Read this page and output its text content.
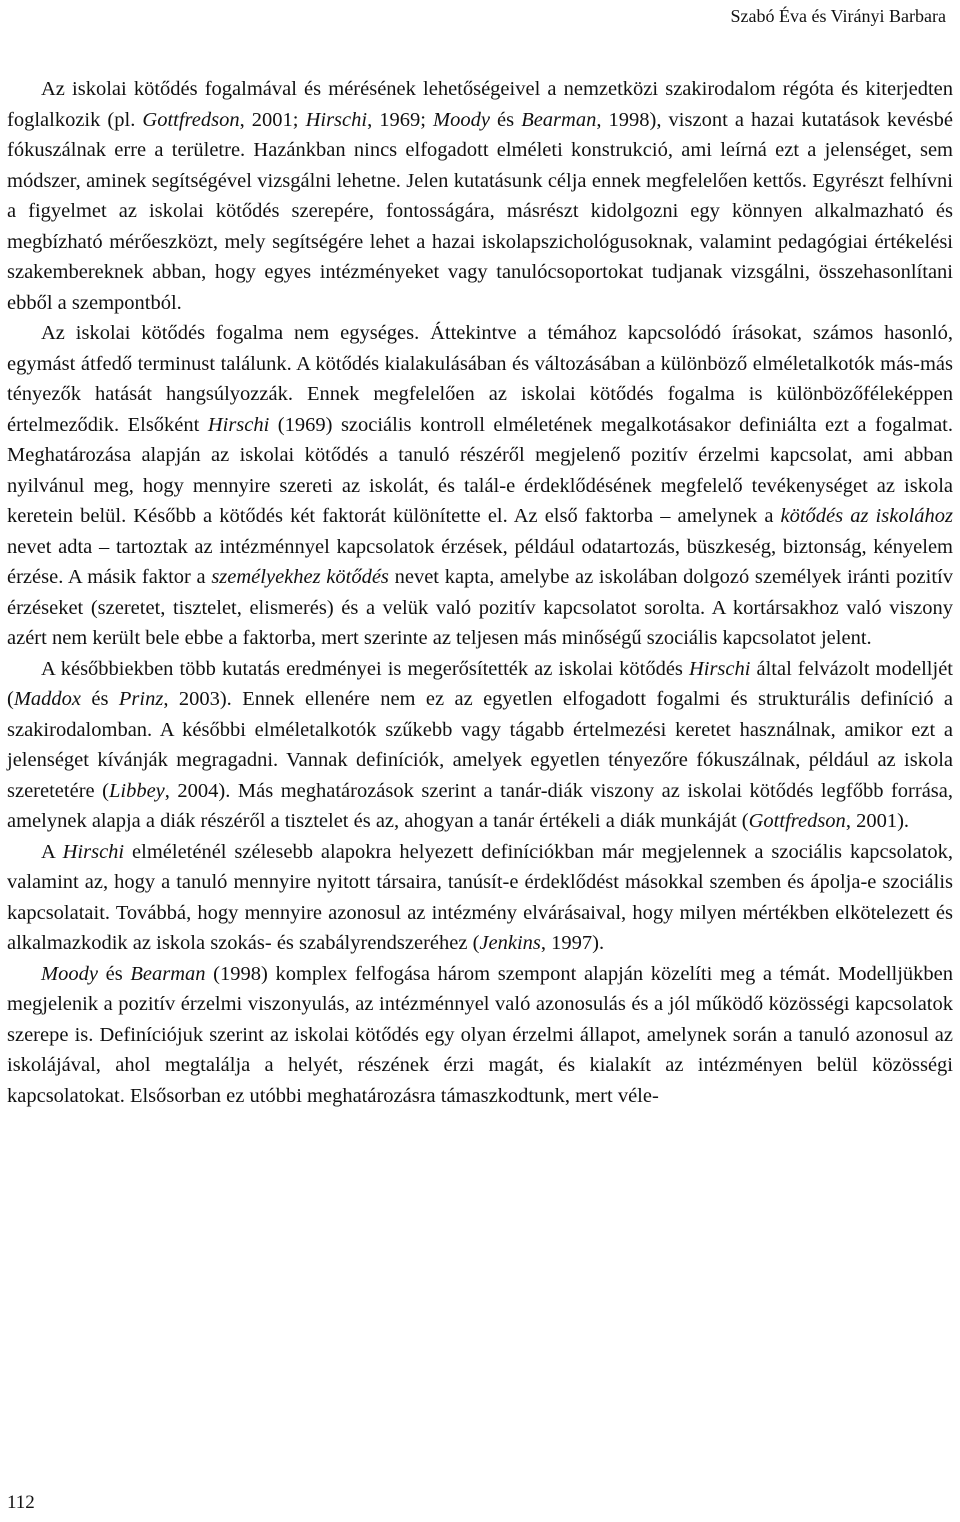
Szabó Éva és Virányi Barbara

Az iskolai kötődés fogalmával és mérésének lehetőségeivel a nemzetközi szakirodalom régóta és kiterjedten foglalkozik (pl. Gottfredson, 2001; Hirschi, 1969; Moody és Bearman, 1998), viszont a hazai kutatások kevésbé fókuszálnak erre a területre. Hazánkban nincs elfogadott elméleti konstrukció, ami leírná ezt a jelenséget, sem módszer, aminek segítségével vizsgálni lehetne. Jelen kutatásunk célja ennek megfelelően kettős. Egyrészt felhívni a figyelmet az iskolai kötődés szerepére, fontosságára, másrészt kidolgozni egy könnyen alkalmazható és megbízható mérőeszközt, mely segítségére lehet a hazai iskolapszichológusoknak, valamint pedagógiai értékelési szakembereknek abban, hogy egyes intézményeket vagy tanulócsoportokat tudjanak vizsgálni, összehasonlítani ebből a szempontból.

Az iskolai kötődés fogalma nem egységes. Áttekintve a témához kapcsolódó írásokat, számos hasonló, egymást átfedő terminust találunk. A kötődés kialakulásában és változásában a különböző elméletalkotók más-más tényezők hatását hangsúlyozzák. Ennek megfelelően az iskolai kötődés fogalma is különbözőféleképpen értelmeződik. Elsőként Hirschi (1969) szociális kontroll elméletének megalkotásakor definiálta ezt a fogalmat. Meghatározása alapján az iskolai kötődés a tanuló részéről megjelenő pozitív érzelmi kapcsolat, ami abban nyilvánul meg, hogy mennyire szereti az iskolát, és talál-e érdeklődésének megfelelő tevékenységet az iskola keretein belül. Később a kötődés két faktorát különítette el. Az első faktorba – amelynek a kötődés az iskolához nevet adta – tartoztak az intézménnyel kapcsolatok érzések, például odatartozás, büszkeség, biztonság, kényelem érzése. A másik faktor a személyekhez kötődés nevet kapta, amelybe az iskolában dolgozó személyek iránti pozitív érzéseket (szeretet, tisztelet, elismerés) és a velük való pozitív kapcsolatot sorolta. A kortársakhoz való viszony azért nem került bele ebbe a faktorba, mert szerinte az teljesen más minőségű szociális kapcsolatot jelent.

A későbbiekben több kutatás eredményei is megerősítették az iskolai kötődés Hirschi által felvázolt modelljét (Maddox és Prinz, 2003). Ennek ellenére nem ez az egyetlen elfogadott fogalmi és strukturális definíció a szakirodalomban. A későbbi elméletalkotók szűkebb vagy tágabb értelmezési keretet használnak, amikor ezt a jelenséget kívánják megragadni. Vannak definíciók, amelyek egyetlen tényezőre fókuszálnak, például az iskola szeretetére (Libbey, 2004). Más meghatározások szerint a tanár-diák viszony az iskolai kötődés legfőbb forrása, amelynek alapja a diák részéről a tisztelet és az, ahogyan a tanár értékeli a diák munkáját (Gottfredson, 2001).

A Hirschi elméleténél szélesebb alapokra helyezett definíciókban már megjelennek a szociális kapcsolatok, valamint az, hogy a tanuló mennyire nyitott társaira, tanúsít-e érdeklődést másokkal szemben és ápolja-e szociális kapcsolatait. Továbbá, hogy mennyire azonosul az intézmény elvárásaival, hogy milyen mértékben elkötelezett és alkalmazkodik az iskola szokás- és szabályrendszeréhez (Jenkins, 1997).

Moody és Bearman (1998) komplex felfogása három szempont alapján közelíti meg a témát. Modelljükben megjelenik a pozitív érzelmi viszonyulás, az intézménnyel való azonosulás és a jól működő közösségi kapcsolatok szerepe is. Definíciójuk szerint az iskolai kötődés egy olyan érzelmi állapot, amelynek során a tanuló azonosul az iskolájával, ahol megtalálja a helyét, részének érzi magát, és kialakít az intézményen belül közösségi kapcsolatokat. Elsősorban ez utóbbi meghatározásra támaszkodtunk, mert véle-

112
